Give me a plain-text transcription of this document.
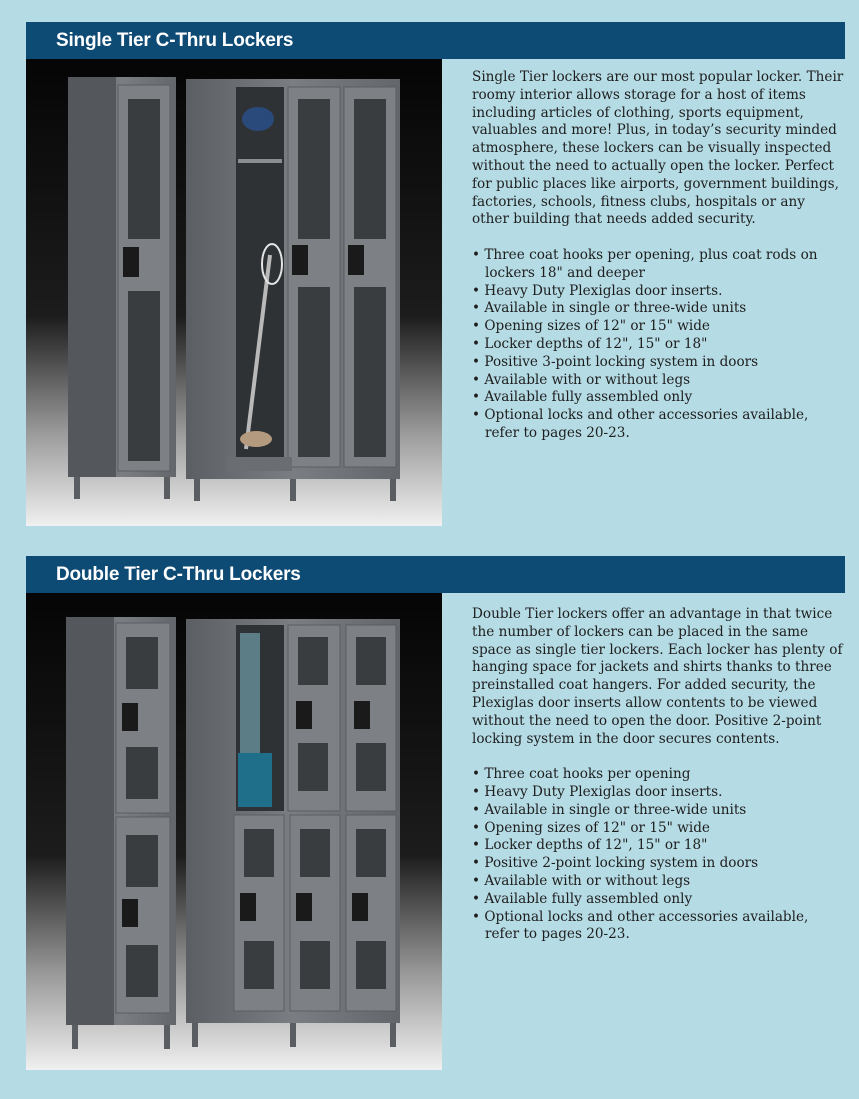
Single Tier C-Thru Lockers

Single Tier lockers are our most popular locker. Their roomy interior allows storage for a host of items including articles of clothing, sports equipment, valuables and more! Plus, in today’s security minded atmosphere, these lockers can be visually inspected without the need to actually open the locker. Perfect for public places like airports, government buildings, factories, schools, fitness clubs, hospitals or any other building that needs added security.

• Three coat hooks per opening, plus coat rods on lockers 18" and deeper
• Heavy Duty Plexiglas door inserts.
• Available in single or three-wide units
• Opening sizes of 12" or 15" wide
• Locker depths of 12", 15" or 18"
• Positive 3-point locking system in doors
• Available with or without legs
• Available fully assembled only
• Optional locks and other accessories available, refer to pages 20-23.
Double Tier C-Thru Lockers

Double Tier lockers offer an advantage in that twice the number of lockers can be placed in the same space as single tier lockers. Each locker has plenty of hanging space for jackets and shirts thanks to three preinstalled coat hangers. For added security, the Plexiglas door inserts allow contents to be viewed without the need to open the door. Positive 2-point locking system in the door secures contents.

• Three coat hooks per opening
• Heavy Duty Plexiglas door inserts.
• Available in single or three-wide units
• Opening sizes of 12" or 15" wide
• Locker depths of 12", 15" or 18"
• Positive 2-point locking system in doors
• Available with or without legs
• Available fully assembled only
• Optional locks and other accessories available, refer to pages 20-23.
